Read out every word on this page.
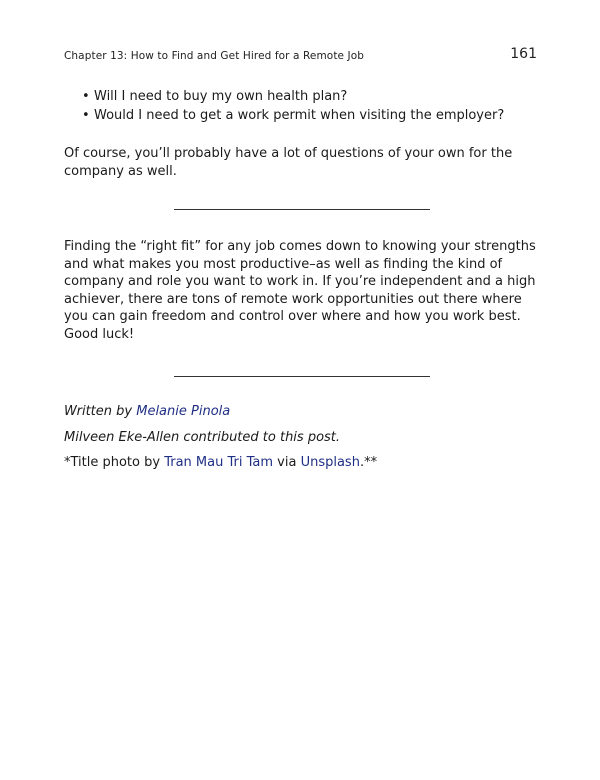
Chapter 13: How to Find and Get Hired for a Remote Job	161
• Will I need to buy my own health plan?
• Would I need to get a work permit when visiting the employer?

Of course, you’ll probably have a lot of questions of your own for the company as well.

Finding the “right fit” for any job comes down to knowing your strengths and what makes you most productive–as well as finding the kind of company and role you want to work in. If you’re independent and a high achiever, there are tons of remote work opportunities out there where you can gain freedom and control over where and how you work best.

Good luck!

Written by Melanie Pinola
Milveen Eke-Allen contributed to this post.
*Title photo by Tran Mau Tri Tam via Unsplash.**
